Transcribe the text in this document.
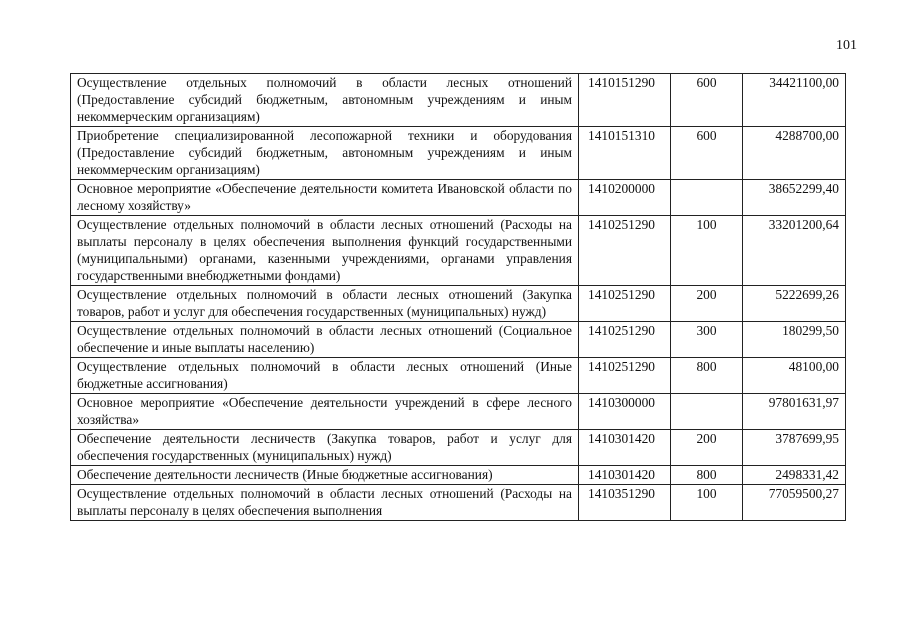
101
Осуществление отдельных полномочий в области лесных отношений (Предоставление субсидий бюджетным, автономным учреждениям и иным некоммерческим организациям)	1410151290	600	34421100,00
Приобретение специализированной лесопожарной техники и оборудования (Предоставление субсидий бюджетным, автономным учреждениям и иным некоммерческим организациям)	1410151310	600	4288700,00
Основное мероприятие «Обеспечение деятельности комитета Ивановской области по лесному хозяйству»	1410200000		38652299,40
Осуществление отдельных полномочий в области лесных отношений (Расходы на выплаты персоналу в целях обеспечения выполнения функций государственными (муниципальными) органами, казенными учреждениями, органами управления государственными внебюджетными фондами)	1410251290	100	33201200,64
Осуществление отдельных полномочий в области лесных отношений (Закупка товаров, работ и услуг для обеспечения государственных (муниципальных) нужд)	1410251290	200	5222699,26
Осуществление отдельных полномочий в области лесных отношений (Социальное обеспечение и иные выплаты населению)	1410251290	300	180299,50
Осуществление отдельных полномочий в области лесных отношений (Иные бюджетные ассигнования)	1410251290	800	48100,00
Основное мероприятие «Обеспечение деятельности учреждений в сфере лесного хозяйства»	1410300000		97801631,97
Обеспечение деятельности лесничеств (Закупка товаров, работ и услуг для обеспечения государственных (муниципальных) нужд)	1410301420	200	3787699,95
Обеспечение деятельности лесничеств (Иные бюджетные ассигнования)	1410301420	800	2498331,42
Осуществление отдельных полномочий в области лесных отношений (Расходы на выплаты персоналу в целях обеспечения выполнения	1410351290	100	77059500,27
